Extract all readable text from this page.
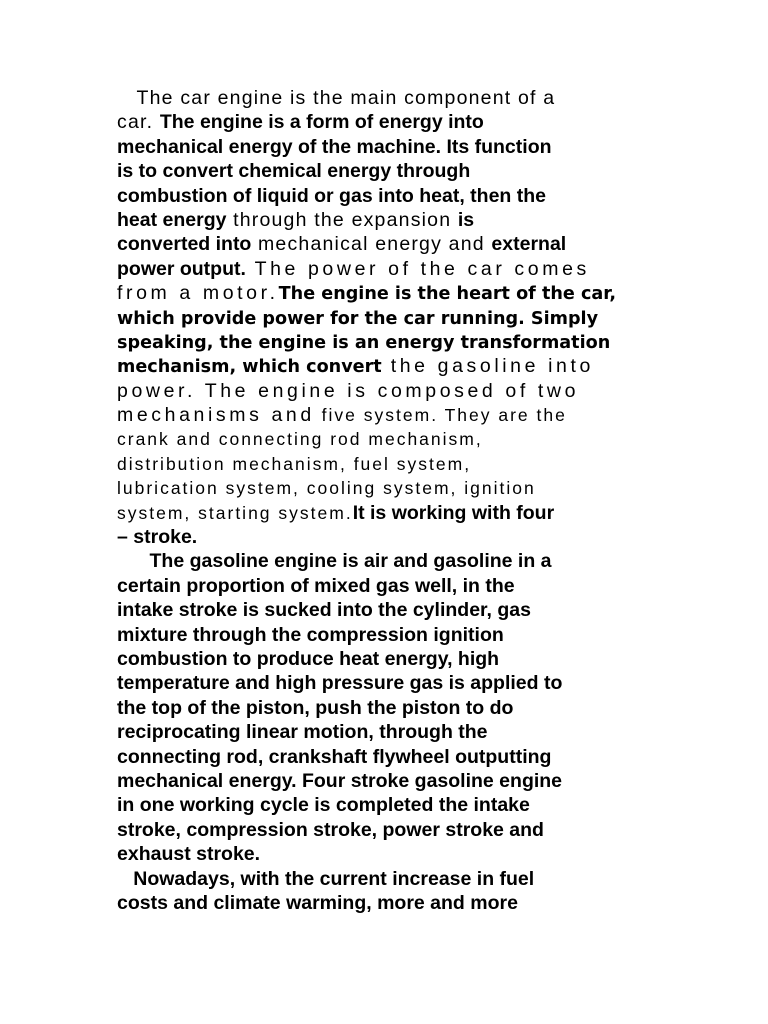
The car engine is the main component of a
car. The engine is a form of energy into
mechanical energy of the machine. Its function
is to convert chemical energy through
combustion of liquid or gas into heat, then the
heat energy through the expansion is
converted into mechanical energy and external
power output. The power of the car comes
from a motor.The engine is the heart of the car,
which provide power for the car running. Simply
speaking, the engine is an energy transformation
mechanism, which convert the gasoline into
power. The engine is composed of two
mechanisms and five system. They are the
crank and connecting rod mechanism,
distribution mechanism, fuel system,
lubrication system, cooling system, ignition
system, starting system.It is working with four
– stroke.
The gasoline engine is air and gasoline in a
certain proportion of mixed gas well, in the
intake stroke is sucked into the cylinder, gas
mixture through the compression ignition
combustion to produce heat energy, high
temperature and high pressure gas is applied to
the top of the piston, push the piston to do
reciprocating linear motion, through the
connecting rod, crankshaft flywheel outputting
mechanical energy. Four stroke gasoline engine
in one working cycle is completed the intake
stroke, compression stroke, power stroke and
exhaust stroke.
Nowadays, with the current increase in fuel
costs and climate warming, more and more
